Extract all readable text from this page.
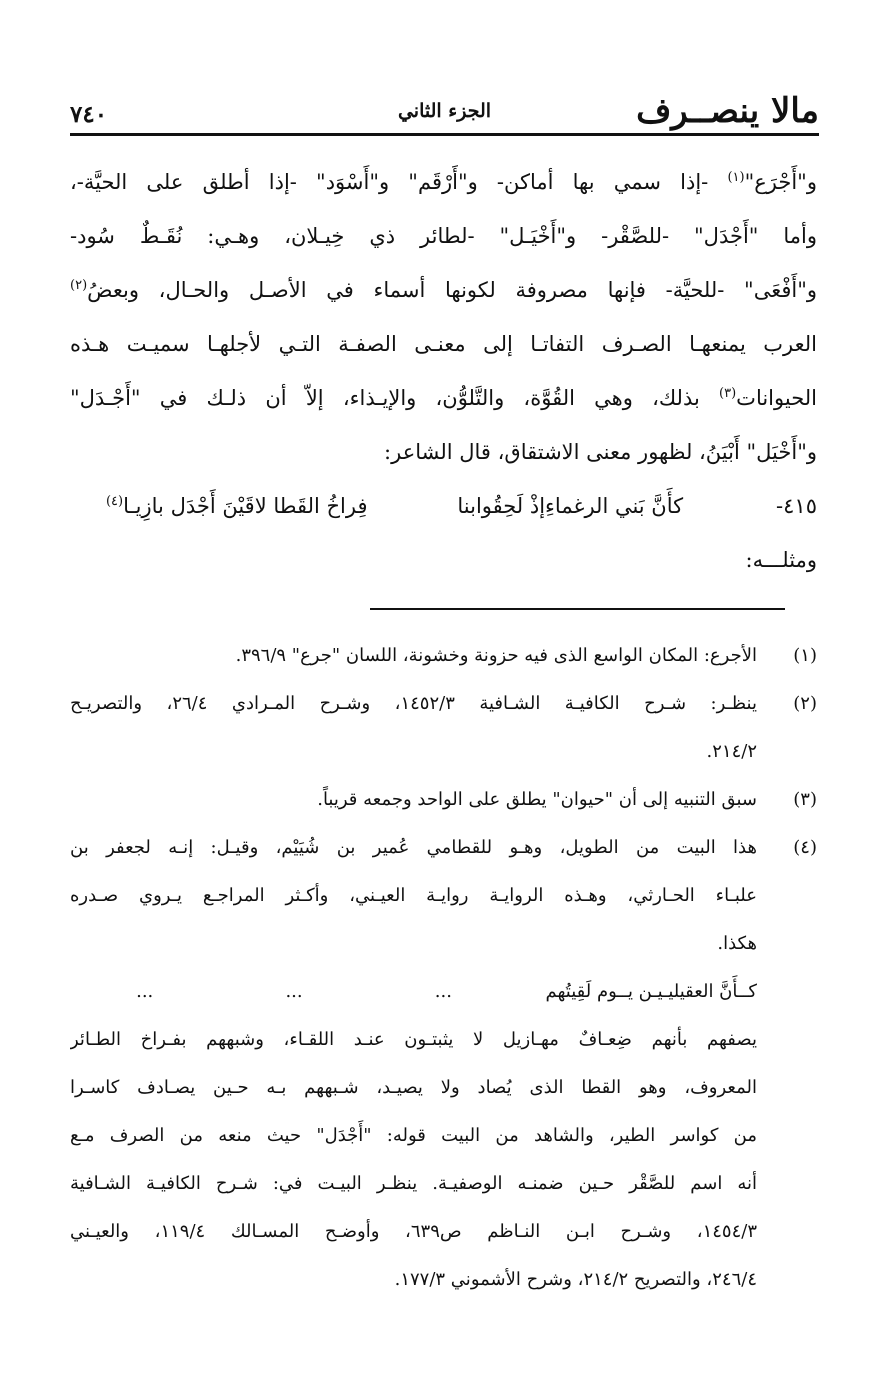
مالا ينصــرف
الجزء الثاني
٧٤٠
و"أَجْرَع"$^{(١)}$ -إذا سمي بها أماكن- و"أَرْقَم" و"أَسْوَد" -إذا أطلق على الحيَّة-،
وأما "أَجْدَل" -للصَّقْر- و"أَخْيَـل" -لطائر ذي خِيـلان، وهـي: نُقَـطٌ سُود-
و"أَفْعَى" -للحيَّة- فإنها مصروفة لكونها أسماء في الأصـل والحـال، وبعضُ$^{(٢)}$
العرب يمنعهـا الصـرف التفاتـا إلى معنـى الصفـة التـي لأجلهـا سميـت هـذه
الحيوانات$^{(٣)}$ بذلك، وهي القُوَّة، والتَّلوُّن، والإيـذاء، إلاّ أن ذلـك في "أَجْـدَل"
و"أَخْيَل" أَبْيَنُ، لظهور معنى الاشتقاق، قال الشاعر:
٤١٥-
كأَنَّ بَني الرغماءِإذْ لَحِقُوابنا
فِراخُ القَطا لاقَيْنَ أَجْدَل بازِيـا$^{(٤)}$
ومثلـــه:
(١)
الأجرع: المكان الواسع الذى فيه حزونة وخشونة، اللسان "جرع" ٣٩٦/٩.
(٢)
ينظـر: شـرح الكافيـة الشـافية ١٤٥٢/٣، وشـرح المـرادي ٢٦/٤، والتصريـح
٢١٤/٢.
(٣)
سبق التنبيه إلى أن "حيوان" يطلق على الواحد وجمعه قريباً.
(٤)
هذا البيت من الطويل، وهـو للقطامي عُمير بن شُيَيْم، وقيـل: إنـه لجعفر بن
علبـاء الحـارثي، وهـذه الروايـة روايـة العيـني، وأكـثر المراجـع يـروي صـدره
هكذا.
كــأَنَّ العقيليـيـن يــوم لَقِيتُهم
...
...
...
يصفهم بأنهم ضِعـافٌ مهـازيل لا يثبتـون عنـد اللقـاء، وشبههم بفـراخ الطـائر
المعروف، وهو القطا الذى يُصاد ولا يصيـد، شـبههم بـه حـين يصـادف كاسـرا
من كواسر الطير، والشاهد من البيت قوله: "أَجْدَل" حيث منعه من الصرف مـع
أنه اسم للصَّقْر حـين ضمنـه الوصفيـة. ينظـر البيـت في: شـرح الكافيـة الشـافية
١٤٥٤/٣، وشـرح ابـن النـاظم ص٦٣٩، وأوضـح المسـالك ١١٩/٤، والعيـني
٢٤٦/٤، والتصريح ٢١٤/٢، وشرح الأشموني ١٧٧/٣.
